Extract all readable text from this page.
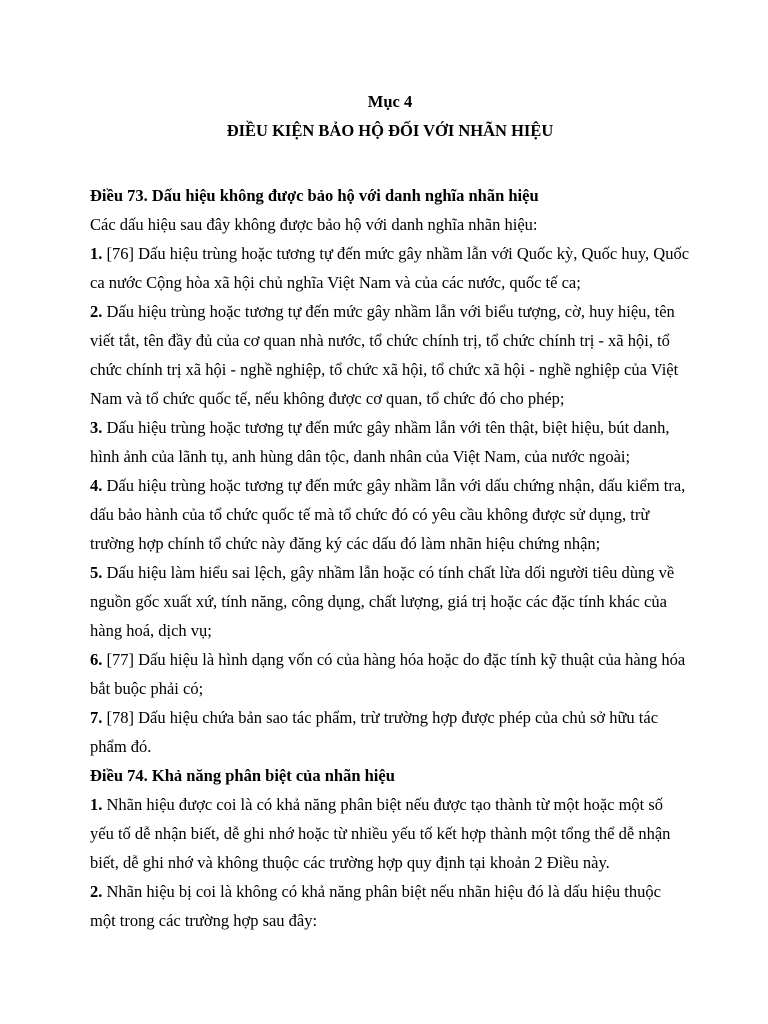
Mục 4

ĐIỀU KIỆN BẢO HỘ ĐỐI VỚI NHÃN HIỆU

Điều 73. Dấu hiệu không được bảo hộ với danh nghĩa nhãn hiệu

Các dấu hiệu sau đây không được bảo hộ với danh nghĩa nhãn hiệu:

1. [76] Dấu hiệu trùng hoặc tương tự đến mức gây nhầm lẫn với Quốc kỳ, Quốc huy, Quốc ca nước Cộng hòa xã hội chủ nghĩa Việt Nam và của các nước, quốc tế ca;

2. Dấu hiệu trùng hoặc tương tự đến mức gây nhầm lẫn với biểu tượng, cờ, huy hiệu, tên viết tắt, tên đầy đủ của cơ quan nhà nước, tổ chức chính trị, tổ chức chính trị - xã hội, tổ chức chính trị xã hội - nghề nghiệp, tổ chức xã hội, tổ chức xã hội - nghề nghiệp của Việt Nam và tổ chức quốc tế, nếu không được cơ quan, tổ chức đó cho phép;

3. Dấu hiệu trùng hoặc tương tự đến mức gây nhầm lẫn với tên thật, biệt hiệu, bút danh, hình ảnh của lãnh tụ, anh hùng dân tộc, danh nhân của Việt Nam, của nước ngoài;

4. Dấu hiệu trùng hoặc tương tự đến mức gây nhầm lẫn với dấu chứng nhận, dấu kiểm tra, dấu bảo hành của tổ chức quốc tế mà tổ chức đó có yêu cầu không được sử dụng, trừ trường hợp chính tổ chức này đăng ký các dấu đó làm nhãn hiệu chứng nhận;

5. Dấu hiệu làm hiểu sai lệch, gây nhầm lẫn hoặc có tính chất lừa dối người tiêu dùng về nguồn gốc xuất xứ, tính năng, công dụng, chất lượng, giá trị hoặc các đặc tính khác của hàng hoá, dịch vụ;

6. [77] Dấu hiệu là hình dạng vốn có của hàng hóa hoặc do đặc tính kỹ thuật của hàng hóa bắt buộc phải có;

7. [78] Dấu hiệu chứa bản sao tác phẩm, trừ trường hợp được phép của chủ sở hữu tác phẩm đó.

Điều 74. Khả năng phân biệt của nhãn hiệu

1. Nhãn hiệu được coi là có khả năng phân biệt nếu được tạo thành từ một hoặc một số yếu tố dễ nhận biết, dễ ghi nhớ hoặc từ nhiều yếu tố kết hợp thành một tổng thể dễ nhận biết, dễ ghi nhớ và không thuộc các trường hợp quy định tại khoản 2 Điều này.

2. Nhãn hiệu bị coi là không có khả năng phân biệt nếu nhãn hiệu đó là dấu hiệu thuộc một trong các trường hợp sau đây:
